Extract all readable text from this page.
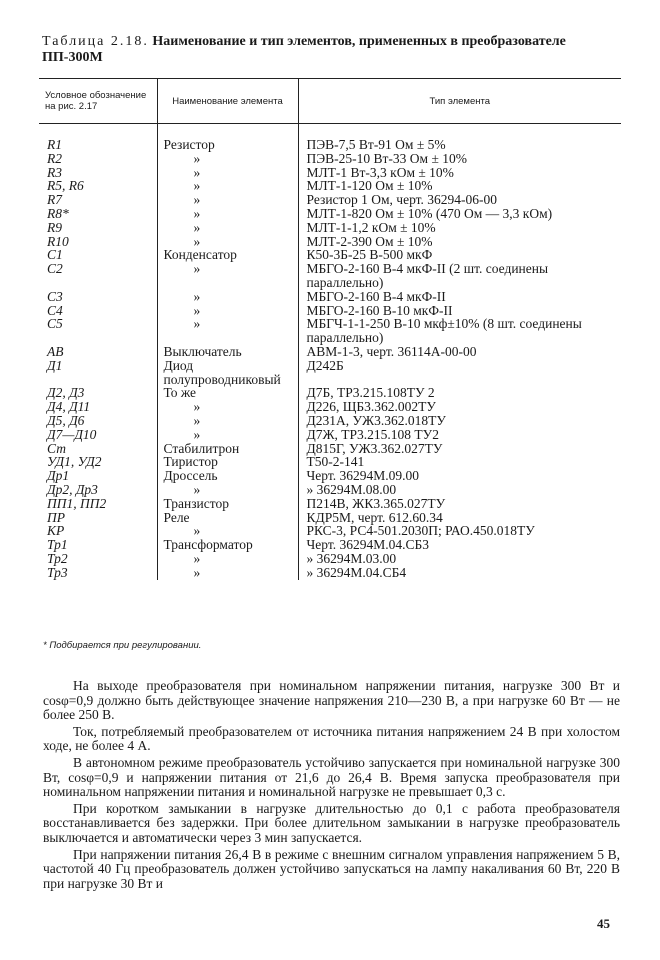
Таблица 2.18. Наименование и тип элементов, примененных в преобразователе ПП-300М
Условное обозначение на рис. 2.17	Наименование элемента	Тип элемента
R1	Резистор	ПЭВ-7,5 Вт-91 Ом ± 5%
R2	»	ПЭВ-25-10 Вт-33 Ом ± 10%
R3	»	МЛТ-1 Вт-3,3 кОм ± 10%
R5, R6	»	МЛТ-1-120 Ом ± 10%
R7	»	Резистор 1 Ом, черт. 36294-06-00
R8*	»	МЛТ-1-820 Ом ± 10% (470 Ом — 3,3 кОм)
R9	»	МЛТ-1-1,2 кОм ± 10%
R10	»	МЛТ-2-390 Ом ± 10%
C1	Конденсатор	К50-3Б-25 В-500 мкФ
C2	»	МБГО-2-160 В-4 мкФ-II (2 шт. соединены параллельно)
C3	»	МБГО-2-160 В-4 мкФ-II
C4	»	МБГО-2-160 В-10 мкФ-II
C5	»	МБГЧ-1-1-250 В-10 мкф±10% (8 шт. соединены параллельно)
AB	Выключатель	АВМ-1-3, черт. 36114А-00-00
Д1	Диод полупроводниковый	Д242Б
Д2, Д3	То же	Д7Б, ТР3.215.108ТУ 2
Д4, Д11	»	Д226, ЩБ3.362.002ТУ
Д5, Д6	»	Д231А, УЖ3.362.018ТУ
Д7—Д10	»	Д7Ж, ТР3.215.108 ТУ2
Ст	Стабилитрон	Д815Г, УЖ3.362.027ТУ
УД1, УД2	Тиристор	Т50-2-141
Др1	Дроссель	Черт. 36294М.09.00
Др2, Др3	»	» 36294М.08.00
ПП1, ПП2	Транзистор	П214В, ЖК3.365.027ТУ
ПР	Реле	КДР5М, черт. 612.60.34
КР	»	РКС-3, РС4-501.2030П; РАО.450.018ТУ
Тр1	Трансформатор	Черт. 36294М.04.СБ3
Тр2	»	» 36294М.03.00
Тр3	»	» 36294М.04.СБ4
* Подбирается при регулировании.

На выходе преобразователя при номинальном напряжении питания, нагрузке 300 Вт и cosφ=0,9 должно быть действующее значение напряжения 210—230 В, а при нагрузке 60 Вт — не более 250 В.

Ток, потребляемый преобразователем от источника питания напряжением 24 В при холостом ходе, не более 4 А.

В автономном режиме преобразователь устойчиво запускается при номинальной нагрузке 300 Вт, cosφ=0,9 и напряжении питания от 21,6 до 26,4 В. Время запуска преобразователя при номинальном напряжении питания и номинальной нагрузке не превышает 0,3 с.

При коротком замыкании в нагрузке длительностью до 0,1 с работа преобразователя восстанавливается без задержки. При более длительном замыкании в нагрузке преобразователь выключается и автоматически через 3 мин запускается.

При напряжении питания 26,4 В в режиме с внешним сигналом управления напряжением 5 В, частотой 40 Гц преобразователь должен устойчиво запускаться на лампу накаливания 60 Вт, 220 В при нагрузке 30 Вт и

45
